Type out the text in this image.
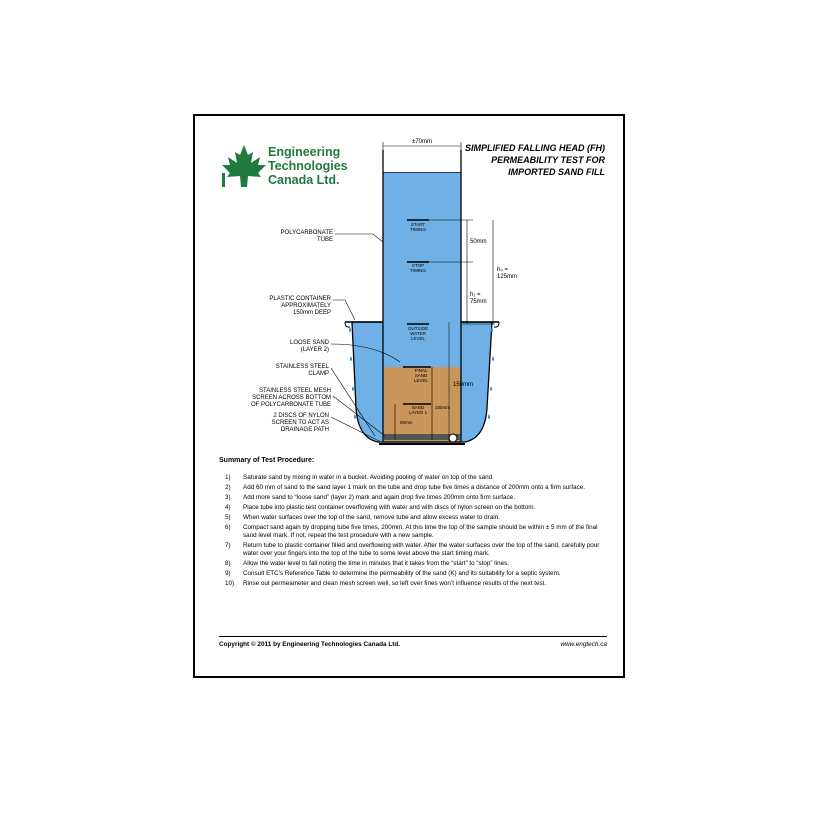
Engineering
Technologies
Canada Ltd.
SIMPLIFIED FALLING HEAD (FH)
PERMEABILITY TEST FOR
IMPORTED SAND FILL
START TIMING
STOP TIMING
OUTSIDE WATER LEVEL
FINAL SAND LEVEL
SAND LAYER 1
100mm
60mm
±70mm
50mm
h₁ =
75mm
h₀ =
125mm
150mm
POLYCARBONATE TUBE
PLASTIC CONTAINER APPROXIMATELY 150mm DEEP
LOOSE SAND (LAYER 2)
STAINLESS STEEL CLAMP
STAINLESS STEEL MESH SCREEN ACROSS BOTTOM OF POLYCARBONATE TUBE
2 DISCS OF NYLON SCREEN TO ACT AS DRAINAGE PATH
Summary of Test Procedure:
1) Saturate sand by mixing in water in a bucket. Avoiding pooling of water on top of the sand.
2) Add 60 mm of sand to the sand layer 1 mark on the tube and drop tube five times a distance of 200mm onto a firm surface.
3) Add more sand to “loose sand” (layer 2) mark and again drop five times 200mm onto firm surface.
4) Place tube into plastic test container overflowing with water and with discs of nylon screen on the bottom.
5) When water surfaces over the top of the sand, remove tube and allow excess water to drain.
6) Compact sand again by dropping tube five times, 200mm. At this time the top of the sample should be within ± 5 mm of the final sand level mark. If not, repeat the test procedure with a new sample.
7) Return tube to plastic container filled and overflowing with water. After the water surfaces over the top of the sand, carefully pour water over your fingers into the top of the tube to some level above the start timing mark.
8) Allow the water level to fall noting the time in minutes that it takes from the “start” to “stop” lines.
9) Consult ETC’s Reference Table to determine the permeability of the sand (K) and its suitability for a septic system.
10) Rinse out permeameter and clean mesh screen well, so left over fines won’t influence results of the next test.
Copyright © 2011 by Engineering Technologies Canada Ltd.	www.engtech.ca
